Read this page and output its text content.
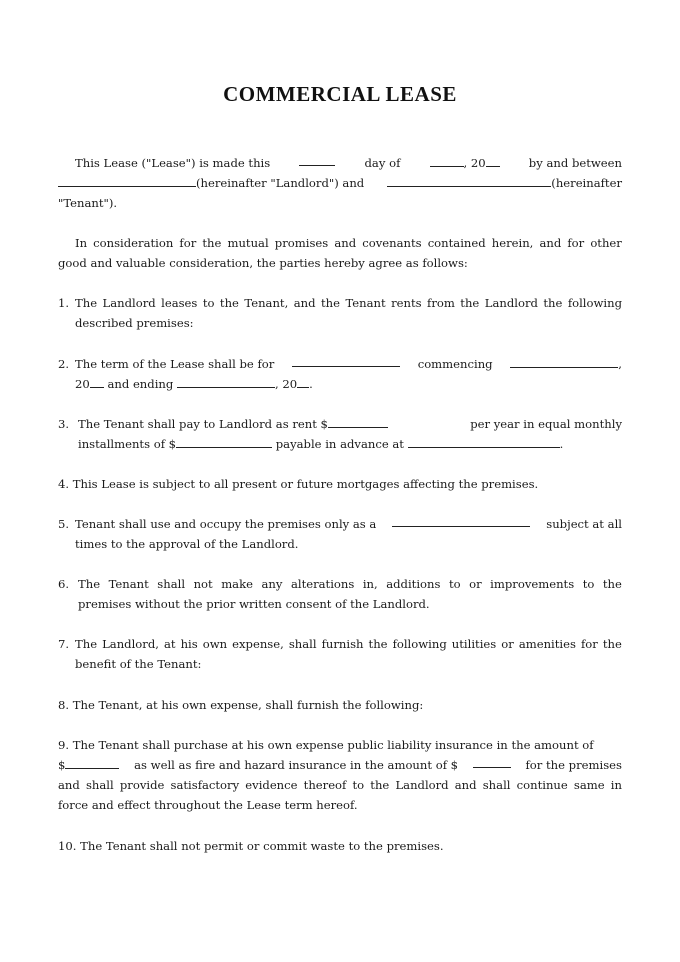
COMMERCIAL LEASE
This Lease ("Lease") is made this	day of	, 20	by and between
(hereinafter "Landlord") and	(hereinafter
"Tenant").
In consideration for the mutual promises and covenants contained herein, and for other
good and valuable consideration, the parties hereby agree as follows:
1. The Landlord leases to the Tenant, and the Tenant rents from the Landlord the following
described premises:
2. The term of the Lease shall be for	commencing	,
20 and ending	, 20 .
3. The Tenant shall pay to Landlord as rent $	per year in equal monthly
installments of $	payable in advance at	.
4. This Lease is subject to all present or future mortgages affecting the premises.
5. Tenant shall use and occupy the premises only as a	subject at all
times to the approval of the Landlord.
6. The Tenant shall not make any alterations in, additions to or improvements to the
premises without the prior written consent of the Landlord.
7. The Landlord, at his own expense, shall furnish the following utilities or amenities for the
benefit of the Tenant:
8. The Tenant, at his own expense, shall furnish the following:
9. The Tenant shall purchase at his own expense public liability insurance in the amount of
$	as well as fire and hazard insurance in the amount of $	for the premises
and shall provide satisfactory evidence thereof to the Landlord and shall continue same in
force and effect throughout the Lease term hereof.
10. The Tenant shall not permit or commit waste to the premises.
